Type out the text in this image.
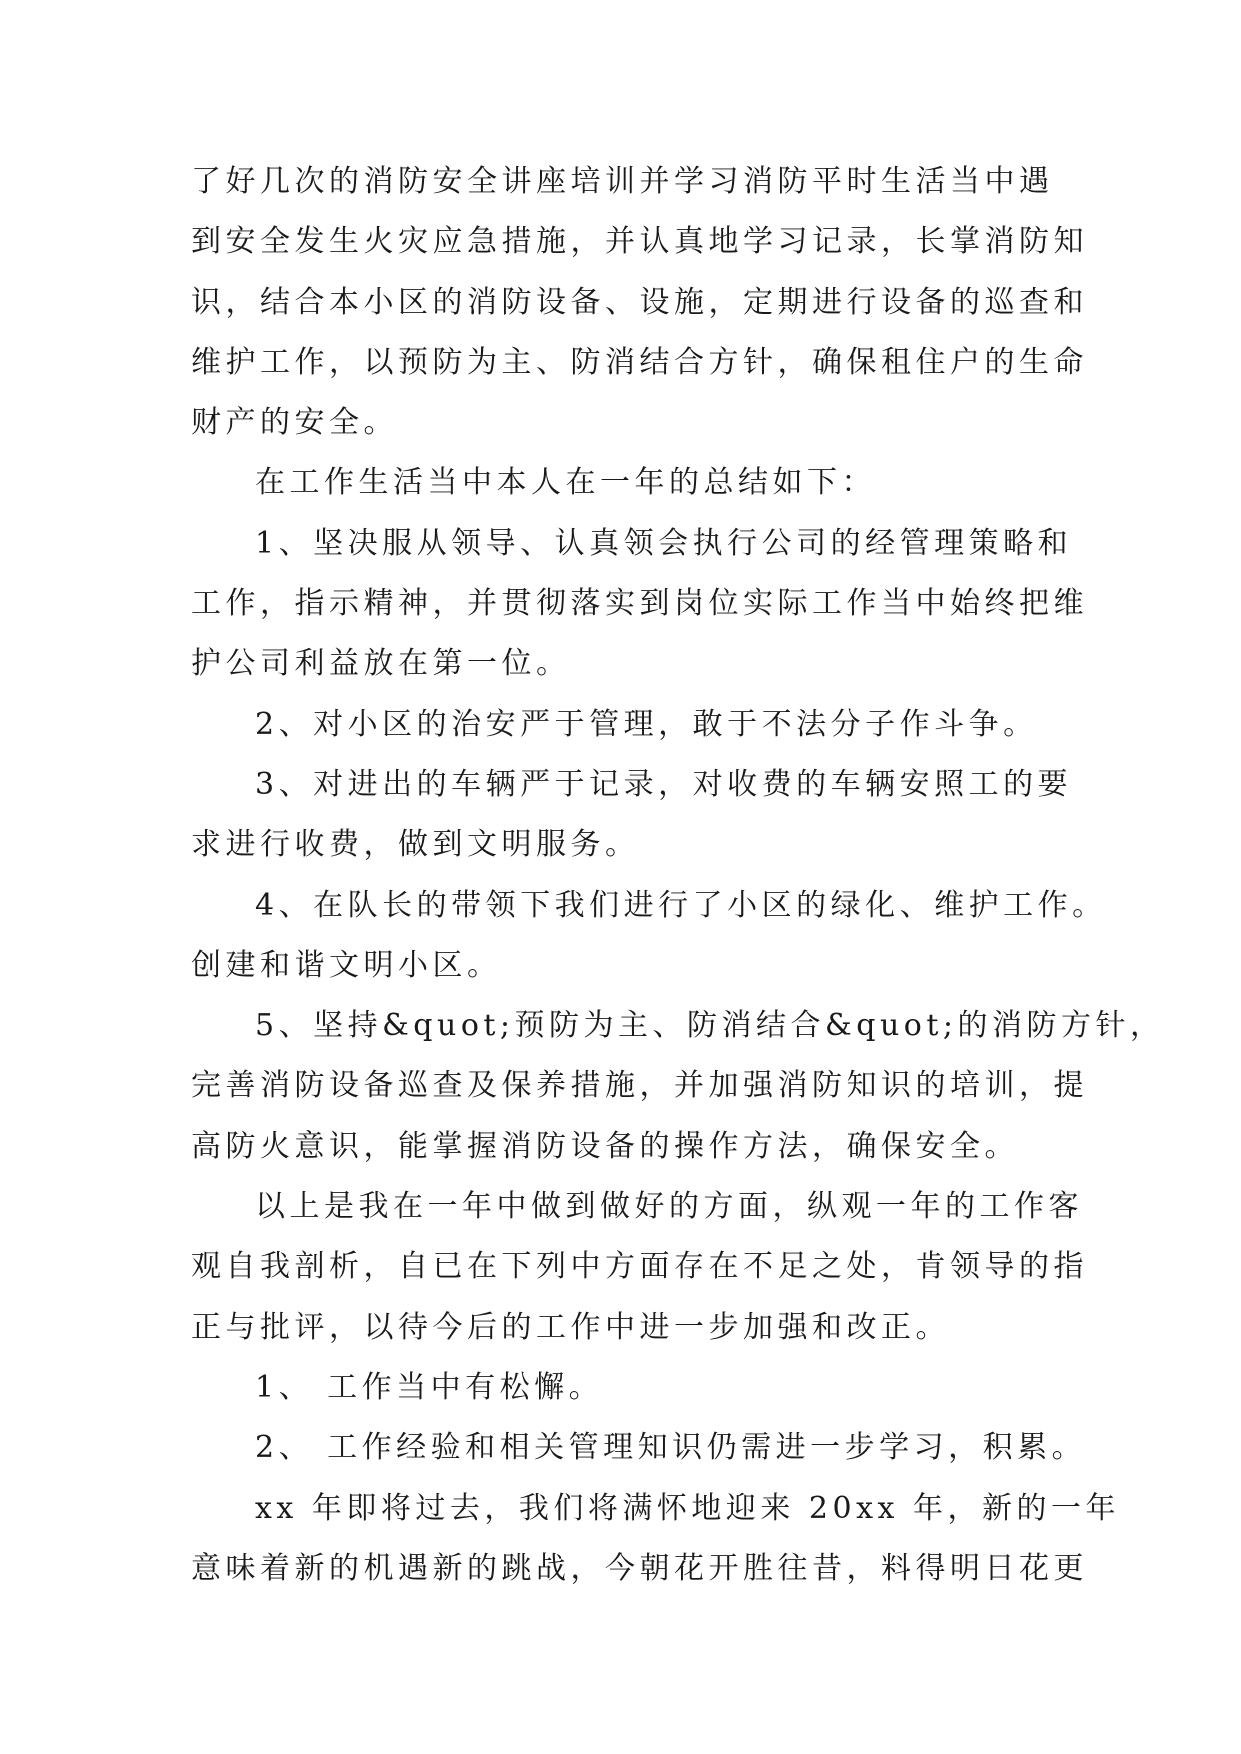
了好几次的消防安全讲座培训并学习消防平时生活当中遇
到安全发生火灾应急措施，并认真地学习记录，长掌消防知
识，结合本小区的消防设备、设施，定期进行设备的巡查和
维护工作，以预防为主、防消结合方针，确保租住户的生命
财产的安全。
在工作生活当中本人在一年的总结如下：
1、坚决服从领导、认真领会执行公司的经管理策略和
工作，指示精神，并贯彻落实到岗位实际工作当中始终把维
护公司利益放在第一位。
2、对小区的治安严于管理，敢于不法分子作斗争。
3、对进出的车辆严于记录，对收费的车辆安照工的要
求进行收费，做到文明服务。
4、在队长的带领下我们进行了小区的绿化、维护工作。
创建和谐文明小区。
5、坚持&quot;预防为主、防消结合&quot;的消防方针，
完善消防设备巡查及保养措施，并加强消防知识的培训，提
高防火意识，能掌握消防设备的操作方法，确保安全。
以上是我在一年中做到做好的方面，纵观一年的工作客
观自我剖析，自已在下列中方面存在不足之处，肯领导的指
正与批评，以待今后的工作中进一步加强和改正。
1、 工作当中有松懈。
2、 工作经验和相关管理知识仍需进一步学习，积累。
xx 年即将过去，我们将满怀地迎来 20xx 年，新的一年
意味着新的机遇新的跳战，今朝花开胜往昔，料得明日花更
